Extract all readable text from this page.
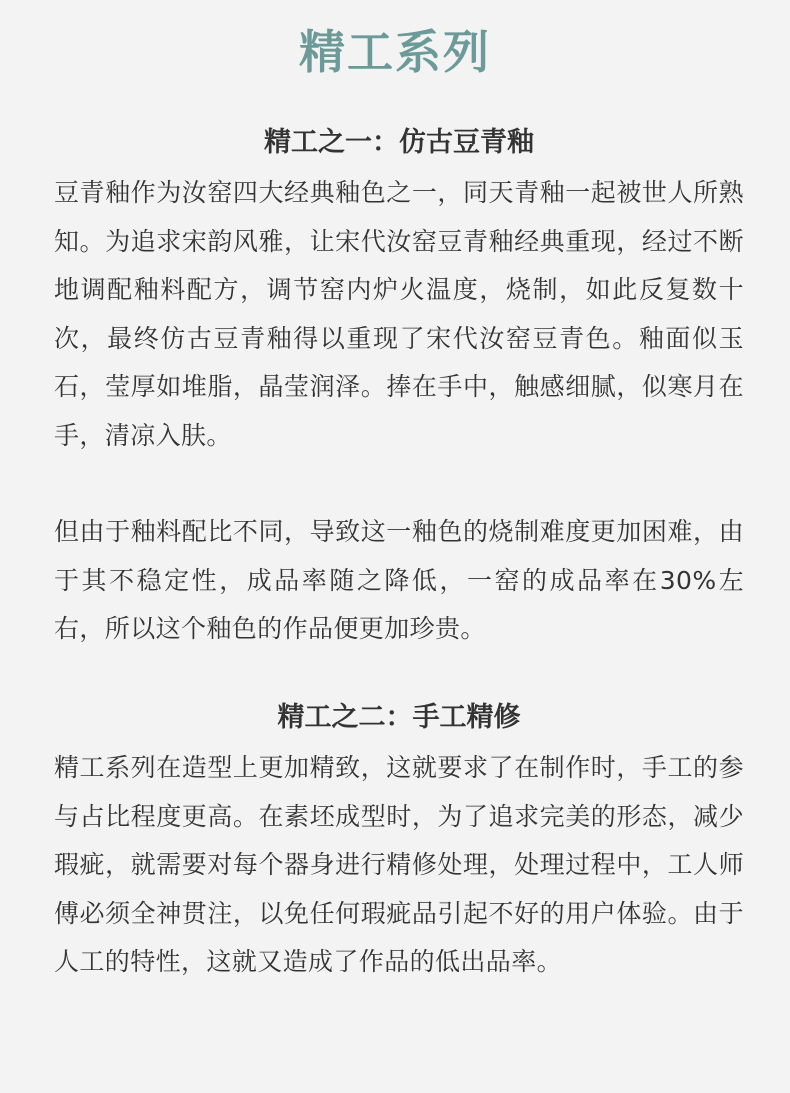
精工系列
精工之一：仿古豆青釉

豆青釉作为汝窑四大经典釉色之一，同天青釉一起被世人所熟知。为追求宋韵风雅，让宋代汝窑豆青釉经典重现，经过不断地调配釉料配方，调节窑内炉火温度，烧制，如此反复数十次，最终仿古豆青釉得以重现了宋代汝窑豆青色。釉面似玉石，莹厚如堆脂，晶莹润泽。捧在手中，触感细腻，似寒月在手，清凉入肤。

但由于釉料配比不同，导致这一釉色的烧制难度更加困难，由于其不稳定性，成品率随之降低，一窑的成品率在30%左右，所以这个釉色的作品便更加珍贵。

精工之二：手工精修

精工系列在造型上更加精致，这就要求了在制作时，手工的参与占比程度更高。在素坯成型时，为了追求完美的形态，减少瑕疵，就需要对每个器身进行精修处理，处理过程中，工人师傅必须全神贯注，以免任何瑕疵品引起不好的用户体验。由于人工的特性，这就又造成了作品的低出品率。
